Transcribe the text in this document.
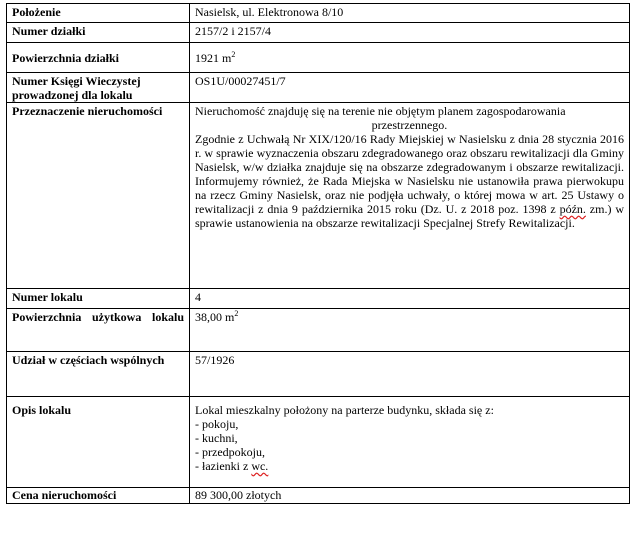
Położenie	Nasielsk, ul. Elektronowa 8/10
Numer działki	2157/2 i 2157/4
Powierzchnia działki	1921 $m^2$
Numer Księgi Wieczystej prowadzonej dla lokalu	OS1U/00027451/7
Przeznaczenie nieruchomości	Nieruchomość znajduję się na terenie nie objętym planem zagospodarowania
przestrzennego.
Zgodnie z Uchwałą Nr XIX/120/16 Rady Miejskiej w Nasielsku z dnia 28 stycznia 2016 r. w sprawie wyznaczenia obszaru zdegradowanego oraz obszaru rewitalizacji dla Gminy Nasielsk, w/w działka znajduje się na obszarze zdegradowanym i obszarze rewitalizacji. Informujemy również, że Rada Miejska w Nasielsku nie ustanowiła prawa pierwokupu na rzecz Gminy Nasielsk, oraz nie podjęła uchwały, o której mowa w art. 25 Ustawy o rewitalizacji z dnia 9 października 2015 roku (Dz. U. z 2018 poz. 1398 z późn. zm.) w sprawie ustanowienia na obszarze rewitalizacji Specjalnej Strefy Rewitalizacji.

Numer lokalu	4

Powierzchnia użytkowa lokalu	38,00 $m^2$
Udział w częściach wspólnych	57/1926
Opis lokalu	Lokal mieszkalny położony na parterze budynku, składa się z:
- pokoju,
- kuchni,
- przedpokoju,
- łazienki z wc.

Cena nieruchomości	89 300,00 złotych
